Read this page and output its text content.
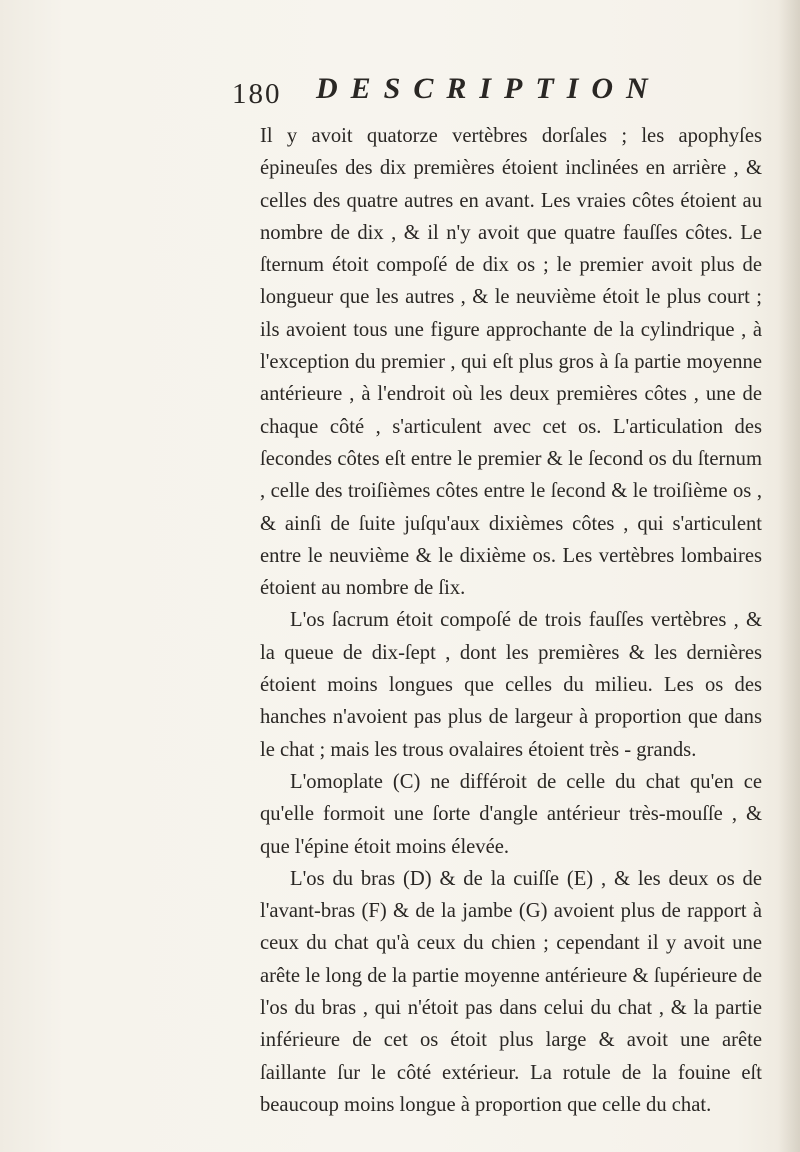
180 DESCRIPTION

Il y avoit quatorze vertèbres dorſales ; les apophyſes épineuſes des dix premières étoient inclinées en arrière , & celles des quatre autres en avant. Les vraies côtes étoient au nombre de dix , & il n'y avoit que quatre fauſſes côtes. Le ſternum étoit compoſé de dix os ; le premier avoit plus de longueur que les autres , & le neuvième étoit le plus court ; ils avoient tous une figure approchante de la cylindrique , à l'exception du premier , qui eſt plus gros à ſa partie moyenne antérieure , à l'endroit où les deux premières côtes , une de chaque côté , s'articulent avec cet os. L'articulation des ſecondes côtes eſt entre le premier & le ſecond os du ſternum , celle des troiſièmes côtes entre le ſecond & le troiſième os , & ainſi de ſuite juſqu'aux dixièmes côtes , qui s'articulent entre le neuvième & le dixième os. Les vertèbres lombaires étoient au nombre de ſix.

L'os ſacrum étoit compoſé de trois fauſſes vertèbres , & la queue de dix-ſept , dont les premières & les dernières étoient moins longues que celles du milieu. Les os des hanches n'avoient pas plus de largeur à proportion que dans le chat ; mais les trous ovalaires étoient très - grands.

L'omoplate (C) ne différoit de celle du chat qu'en ce qu'elle formoit une ſorte d'angle antérieur très-mouſſe , & que l'épine étoit moins élevée.

L'os du bras (D) & de la cuiſſe (E) , & les deux os de l'avant-bras (F) & de la jambe (G) avoient plus de rapport à ceux du chat qu'à ceux du chien ; cependant il y avoit une arête le long de la partie moyenne antérieure & ſupérieure de l'os du bras , qui n'étoit pas dans celui du chat , & la partie inférieure de cet os étoit plus large & avoit une arête ſaillante ſur le côté extérieur. La rotule de la fouine eſt beaucoup moins longue à proportion que celle du chat.
